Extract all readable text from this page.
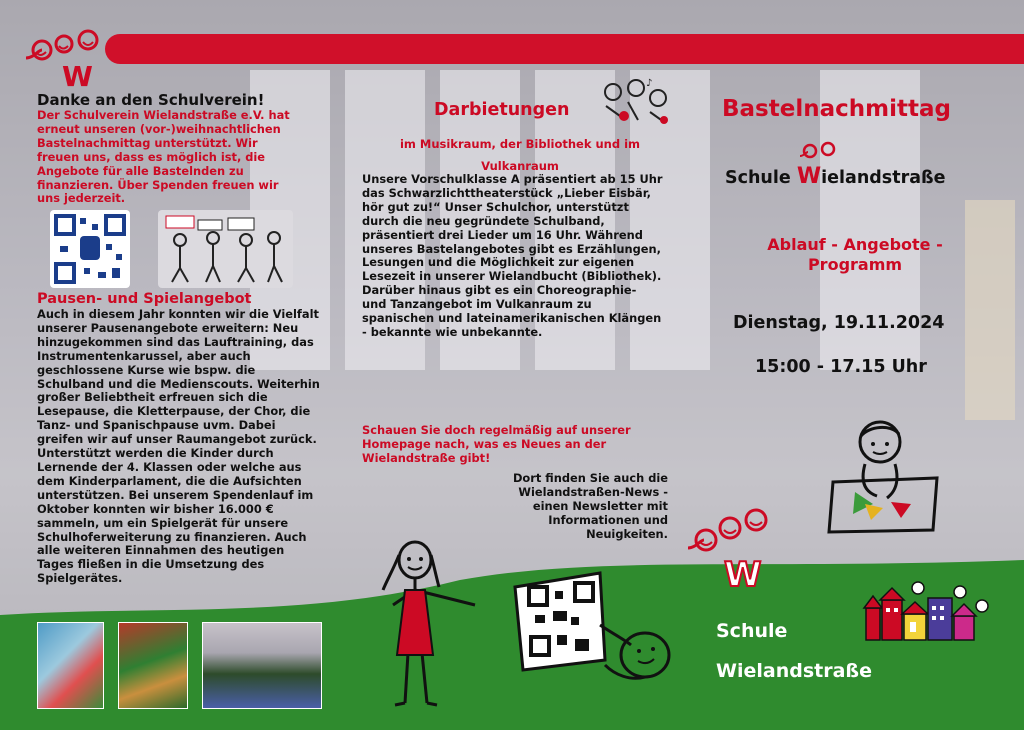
W
Danke an den Schulverein!

Der Schulverein Wielandstraße e.V. hat erneut unseren (vor-)weihnachtlichen Bastelnachmittag unterstützt. Wir freuen uns, dass es möglich ist, die Angebote für alle Bastelnden zu finanzieren. Über Spenden freuen wir uns jederzeit.

Pausen- und Spielangebot

Auch in diesem Jahr konnten wir die Vielfalt unserer Pausenangebote erweitern: Neu hinzugekommen sind das Lauftraining, das Instrumentenkarussel, aber auch geschlossene Kurse wie bspw. die Schulband und die Medienscouts. Weiterhin großer Beliebtheit erfreuen sich die Lesepause, die Kletterpause, der Chor, die Tanz- und Spanischpause uvm. Dabei greifen wir auf unser Raumangebot zurück. Unterstützt werden die Kinder durch Lernende der 4. Klassen oder welche aus dem Kinderparlament, die die Aufsichten unterstützen. Bei unserem Spendenlauf im Oktober konnten wir bisher 16.000 € sammeln, um ein Spielgerät für unsere Schulhoferweiterung zu finanzieren. Auch alle weiteren Einnahmen des heutigen Tages fließen in die Umsetzung des Spielgerätes.

Darbietungen
♪

im Musikraum, der Bibliothek und im Vulkanraum

Unsere Vorschulklasse A präsentiert ab 15 Uhr das Schwarzlichttheaterstück „Lieber Eisbär, hör gut zu!“ Unser Schulchor, unterstützt durch die neu gegründete Schulband, präsentiert drei Lieder um 16 Uhr. Während unseres Bastelangebotes gibt es Erzählungen, Lesungen und die Möglichkeit zur eigenen Lesezeit in unserer Wielandbucht (Bibliothek). Darüber hinaus gibt es ein Choreographie- und Tanzangebot im Vulkanraum zu spanischen und lateinamerikanischen Klängen - bekannte wie unbekannte.

Schauen Sie doch regelmäßig auf unserer Homepage nach, was es Neues an der Wielandstraße gibt!

Dort finden Sie auch die Wielandstraßen-News - einen Newsletter mit Informationen und Neuigkeiten.

Bastelnachmittag
Schule Wielandstraße

Ablauf - Angebote - Programm

Dienstag, 19.11.2024

15:00 - 17.15 Uhr

W

Schule

Wielandstraße
